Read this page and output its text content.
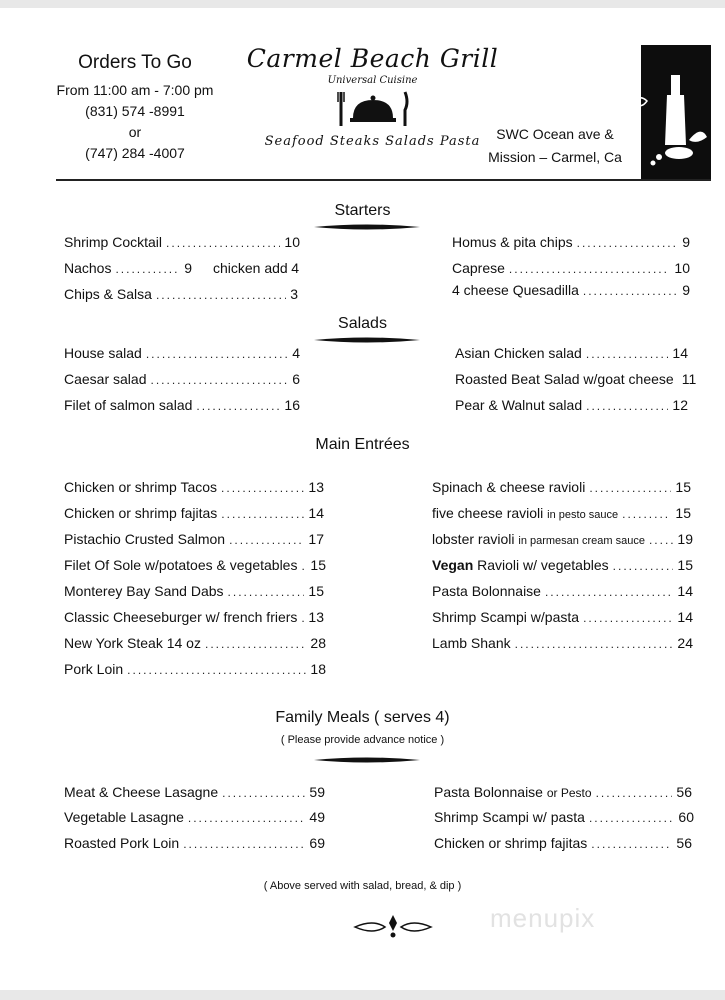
Orders To Go
From 11:00 am - 7:00 pm
(831) 574 -8991
or
(747) 284 -4007
Carmel Beach Grill
Universal Cuisine
Seafood Steaks Salads Pasta	SWC Ocean ave &
Mission – Carmel, Ca
Starters
Shrimp Cocktail .....	10
Nachos .....	9 chicken add 4
Chips & Salsa .....	3
Homus & pita chips .....	9
Caprese .....	10
4 cheese Quesadilla .....	9
Salads
House salad .....	4
Caesar salad .....	6
Filet of salmon salad .....	16
Asian Chicken salad .....	14
Roasted Beat Salad w/goat cheese 11
Pear & Walnut salad .....	12
Main Entrées
Chicken or shrimp Tacos .....	13
Chicken or shrimp fajitas .....	14
Pistachio Crusted Salmon .....	17
Filet Of Sole w/potatoes & vegetables ..... 15
Monterey Bay Sand Dabs .....	15
Classic Cheeseburger w/ french friers ..... 13
New York Steak 14 oz .....	28
Pork Loin .....	18
Spinach & cheese ravioli .....	15
five cheese ravioli in pesto sauce .....	15
lobster ravioli in parmesan cream sauce ..... 19
Vegan Ravioli w/ vegetables .....	15
Pasta Bolonnaise .....	14
Shrimp Scampi w/pasta .....	14
Lamb Shank .....	24
Family Meals ( serves 4)
( Please provide advance notice )
Meat & Cheese Lasagne .....	59
Vegetable Lasagne .....	49
Roasted Pork Loin .....	69
Pasta Bolonnaise or Pesto .....	56
Shrimp Scampi w/ pasta .....	60
Chicken or shrimp fajitas .....	56
( Above served with salad, bread, & dip )
menupix
